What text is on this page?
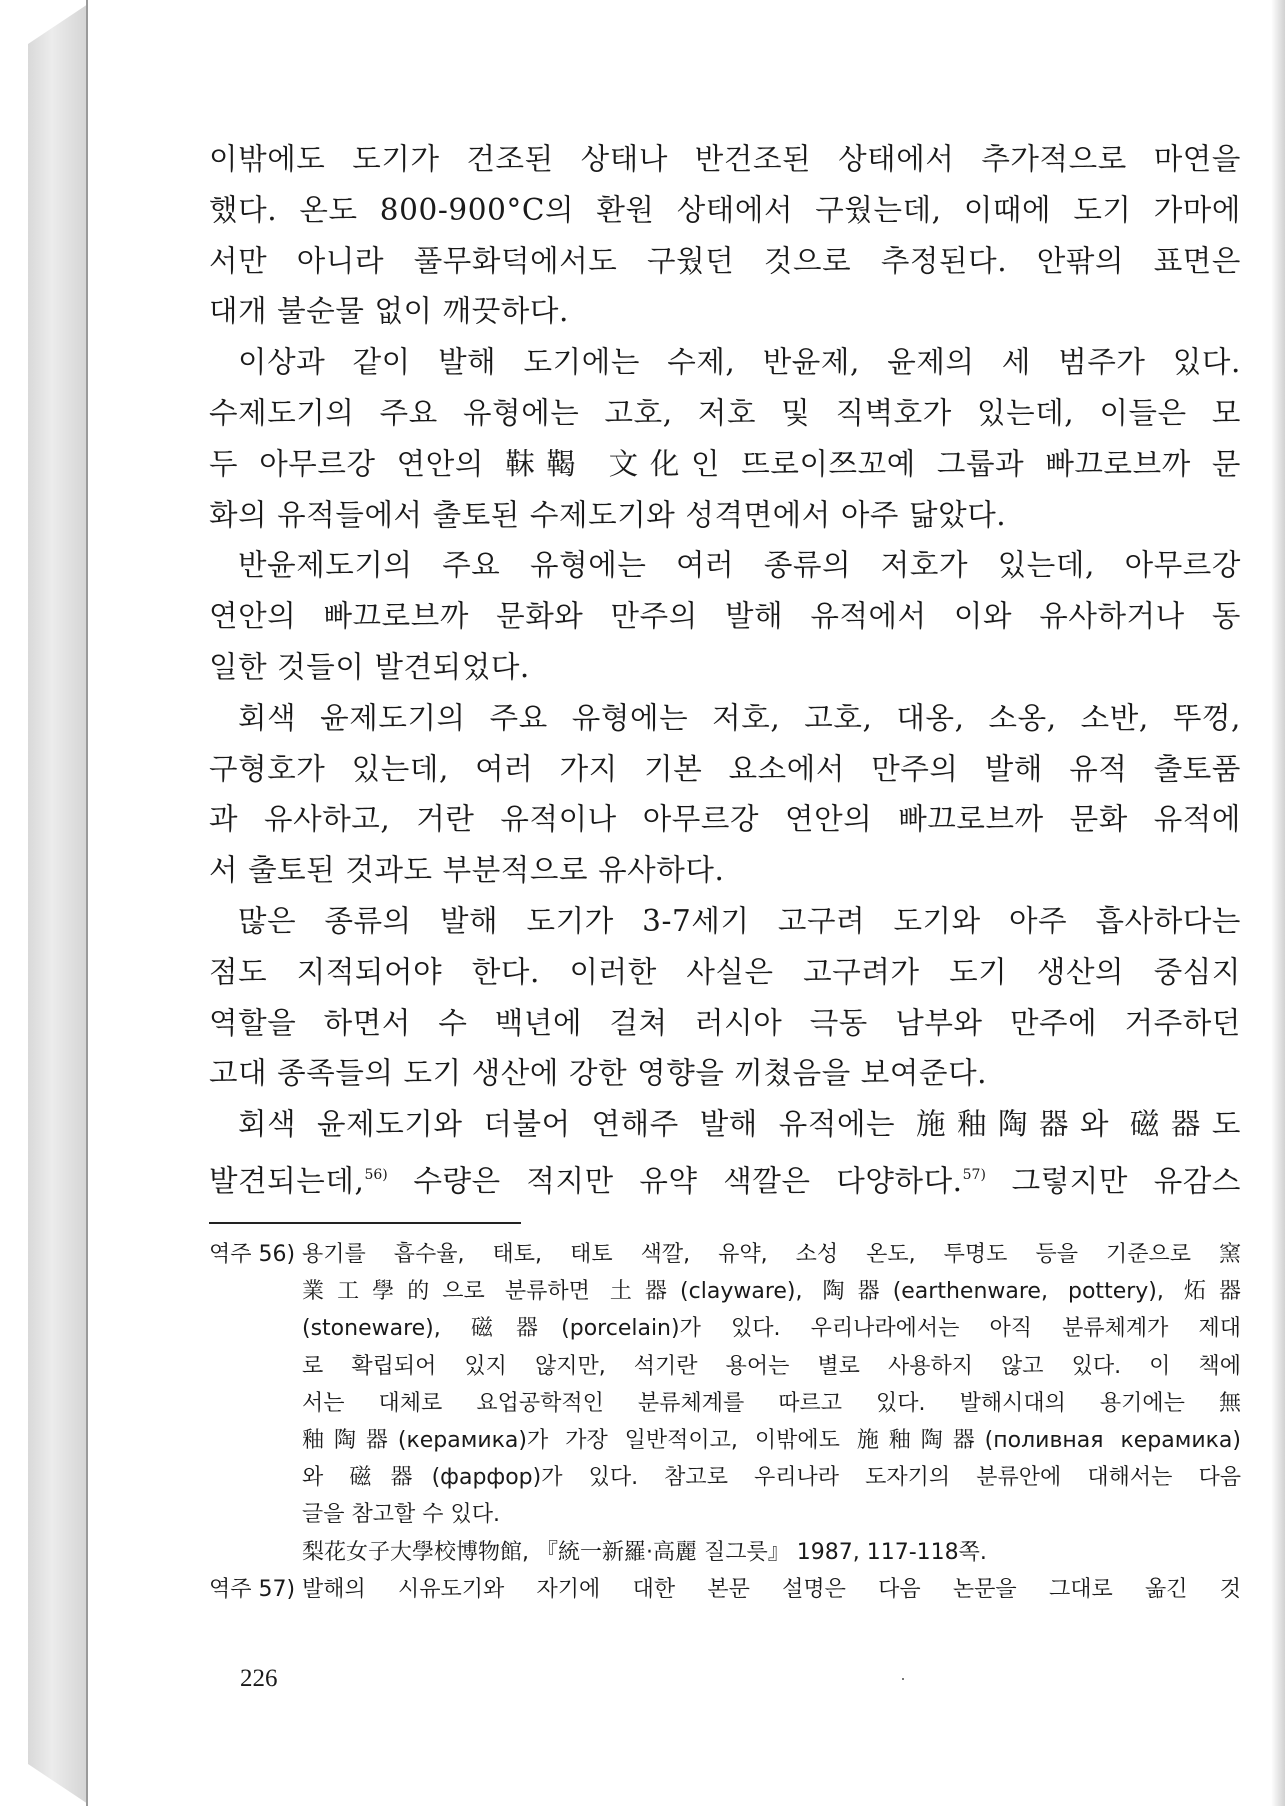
이밖에도 도기가 건조된 상태나 반건조된 상태에서 추가적으로 마연을
했다. 온도 800-900°C의 환원 상태에서 구웠는데, 이때에 도기 가마에
서만 아니라 풀무화덕에서도 구웠던 것으로 추정된다. 안팎의 표면은
대개 불순물 없이 깨끗하다.

이상과 같이 발해 도기에는 수제, 반윤제, 윤제의 세 범주가 있다.
수제도기의 주요 유형에는 고호, 저호 및 직벽호가 있는데, 이들은 모
두 아무르강 연안의 靺鞨 文化인 뜨로이쯔꼬예 그룹과 빠끄로브까 문
화의 유적들에서 출토된 수제도기와 성격면에서 아주 닮았다.

반윤제도기의 주요 유형에는 여러 종류의 저호가 있는데, 아무르강
연안의 빠끄로브까 문화와 만주의 발해 유적에서 이와 유사하거나 동
일한 것들이 발견되었다.

회색 윤제도기의 주요 유형에는 저호, 고호, 대옹, 소옹, 소반, 뚜껑,
구형호가 있는데, 여러 가지 기본 요소에서 만주의 발해 유적 출토품
과 유사하고, 거란 유적이나 아무르강 연안의 빠끄로브까 문화 유적에
서 출토된 것과도 부분적으로 유사하다.

많은 종류의 발해 도기가 3-7세기 고구려 도기와 아주 흡사하다는
점도 지적되어야 한다. 이러한 사실은 고구려가 도기 생산의 중심지
역할을 하면서 수 백년에 걸쳐 러시아 극동 남부와 만주에 거주하던
고대 종족들의 도기 생산에 강한 영향을 끼쳤음을 보여준다.

회색 윤제도기와 더불어 연해주 발해 유적에는 施釉陶器와 磁器도
발견되는데,$^{56)}$ 수량은 적지만 유약 색깔은 다양하다.$^{57)}$ 그렇지만 유감스

역주 56) 용기를 흡수율, 태토, 태토 색깔, 유약, 소성 온도, 투명도 등을 기준으로 窯
業工學的으로 분류하면 土器(clayware), 陶器(earthenware, pottery), 炻器
(stoneware), 磁器(porcelain)가 있다. 우리나라에서는 아직 분류체계가 제대
로 확립되어 있지 않지만, 석기란 용어는 별로 사용하지 않고 있다. 이 책에
서는 대체로 요업공학적인 분류체계를 따르고 있다. 발해시대의 용기에는 無
釉陶器(керамика)가 가장 일반적이고, 이밖에도 施釉陶器(поливная керамика)
와 磁器(фарфор)가 있다. 참고로 우리나라 도자기의 분류안에 대해서는 다음
글을 참고할 수 있다.
梨花女子大學校博物館, 『統一新羅·高麗 질그릇』 1987, 117-118쪽.
역주 57) 발해의 시유도기와 자기에 대한 본문 설명은 다음 논문을 그대로 옮긴 것
226
